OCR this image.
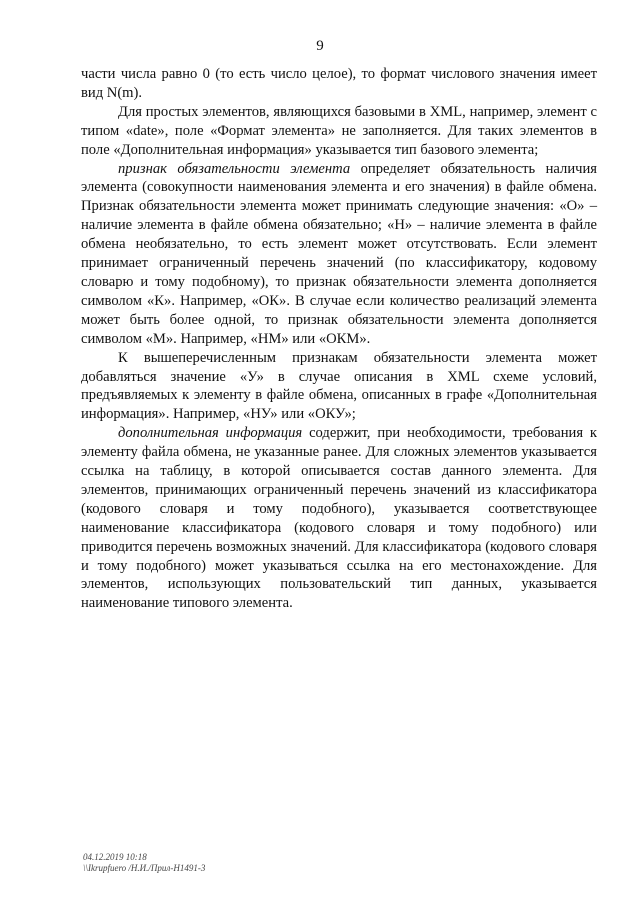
9

части числа равно 0 (то есть число целое), то формат числового значения имеет вид N(m).

Для простых элементов, являющихся базовыми в XML, например, элемент с типом «date», поле «Формат элемента» не заполняется. Для таких элементов в поле «Дополнительная информация» указывается тип базового элемента;

признак обязательности элемента определяет обязательность наличия элемента (совокупности наименования элемента и его значения) в файле обмена. Признак обязательности элемента может принимать следующие значения: «О» – наличие элемента в файле обмена обязательно; «Н» – наличие элемента в файле обмена необязательно, то есть элемент может отсутствовать. Если элемент принимает ограниченный перечень значений (по классификатору, кодовому словарю и тому подобному), то признак обязательности элемента дополняется символом «К». Например, «ОК». В случае если количество реализаций элемента может быть более одной, то признак обязательности элемента дополняется символом «М». Например, «НМ» или «ОКМ».

К вышеперечисленным признакам обязательности элемента может добавляться значение «У» в случае описания в XML схеме условий, предъявляемых к элементу в файле обмена, описанных в графе «Дополнительная информация». Например, «НУ» или «ОКУ»;

дополнительная информация содержит, при необходимости, требования к элементу файла обмена, не указанные ранее. Для сложных элементов указывается ссылка на таблицу, в которой описывается состав данного элемента. Для элементов, принимающих ограниченный перечень значений из классификатора (кодового словаря и тому подобного), указывается соответствующее наименование классификатора (кодового словаря и тому подобного) или приводится перечень возможных значений. Для классификатора (кодового словаря и тому подобного) может указываться ссылка на его местонахождение. Для элементов, использующих пользовательский тип данных, указывается наименование типового элемента.

04.12.2019 10:18
\\Ikrupfuero /Н.И./Прил-Н1491-3
